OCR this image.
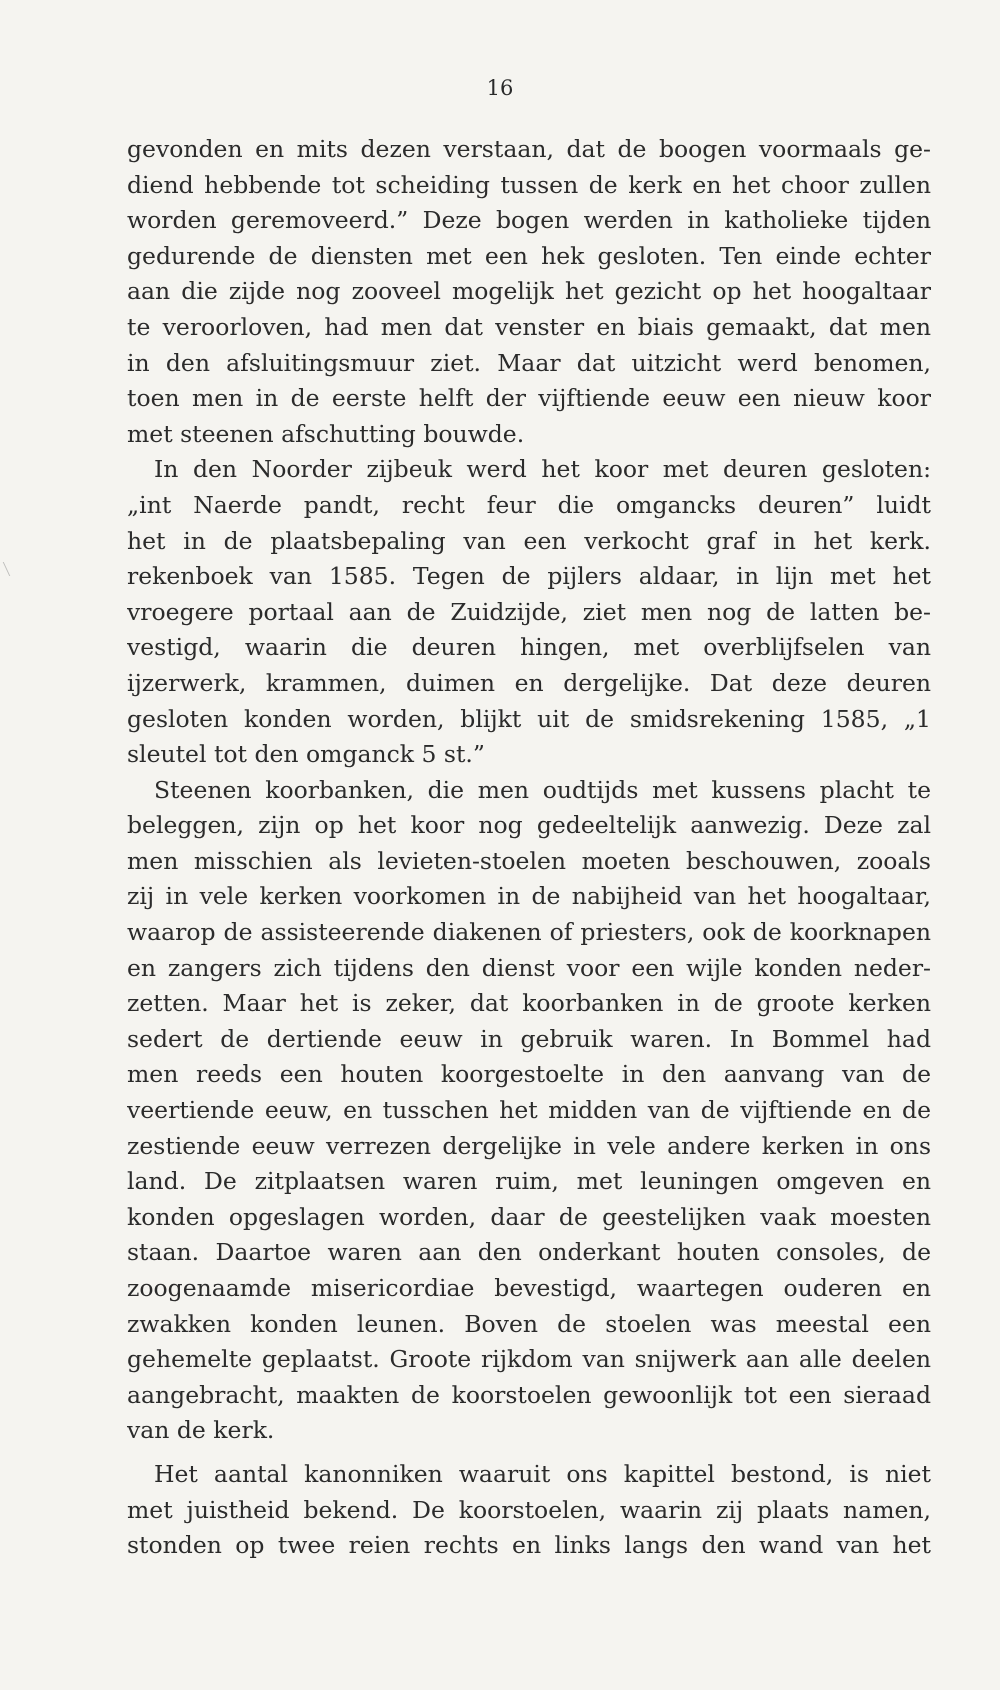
16
gevonden en mits dezen verstaan, dat de boogen voormaals ge-
diend hebbende tot scheiding tussen de kerk en het choor zullen
worden geremoveerd.” Deze bogen werden in katholieke tijden
gedurende de diensten met een hek gesloten. Ten einde echter
aan die zijde nog zooveel mogelijk het gezicht op het hoogaltaar
te veroorloven, had men dat venster en biais gemaakt, dat men
in den afsluitingsmuur ziet. Maar dat uitzicht werd benomen,
toen men in de eerste helft der vijftiende eeuw een nieuw koor
met steenen afschutting bouwde.
In den Noorder zijbeuk werd het koor met deuren gesloten:
„int Naerde pandt, recht feur die omgancks deuren” luidt
het in de plaatsbepaling van een verkocht graf in het kerk.
rekenboek van 1585. Tegen de pijlers aldaar, in lijn met het
vroegere portaal aan de Zuidzijde, ziet men nog de latten be-
vestigd, waarin die deuren hingen, met overblijfselen van
ijzerwerk, krammen, duimen en dergelijke. Dat deze deuren
gesloten konden worden, blijkt uit de smidsrekening 1585, „1
sleutel tot den omganck 5 st.”
Steenen koorbanken, die men oudtijds met kussens placht te
beleggen, zijn op het koor nog gedeeltelijk aanwezig. Deze zal
men misschien als levieten-stoelen moeten beschouwen, zooals
zij in vele kerken voorkomen in de nabijheid van het hoogaltaar,
waarop de assisteerende diakenen of priesters, ook de koorknapen
en zangers zich tijdens den dienst voor een wijle konden neder-
zetten. Maar het is zeker, dat koorbanken in de groote kerken
sedert de dertiende eeuw in gebruik waren. In Bommel had
men reeds een houten koorgestoelte in den aanvang van de
veertiende eeuw, en tusschen het midden van de vijftiende en de
zestiende eeuw verrezen dergelijke in vele andere kerken in ons
land. De zitplaatsen waren ruim, met leuningen omgeven en
konden opgeslagen worden, daar de geestelijken vaak moesten
staan. Daartoe waren aan den onderkant houten consoles, de
zoogenaamde misericordiae bevestigd, waartegen ouderen en
zwakken konden leunen. Boven de stoelen was meestal een
gehemelte geplaatst. Groote rijkdom van snijwerk aan alle deelen
aangebracht, maakten de koorstoelen gewoonlijk tot een sieraad
van de kerk.
Het aantal kanonniken waaruit ons kapittel bestond, is niet
met juistheid bekend. De koorstoelen, waarin zij plaats namen,
stonden op twee reien rechts en links langs den wand van het
